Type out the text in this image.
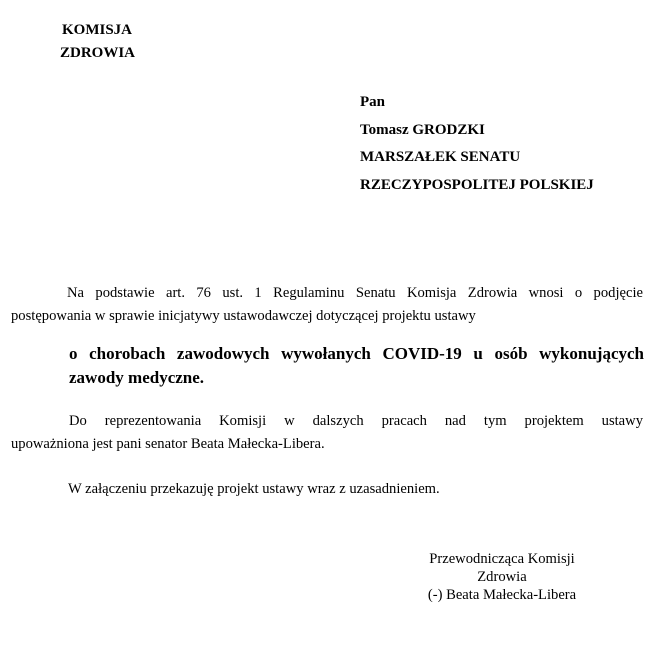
KOMISJA
ZDROWIA
Pan
Tomasz GRODZKI
MARSZAŁEK SENATU
RZECZYPOSPOLITEJ POLSKIEJ
Na podstawie art. 76 ust. 1 Regulaminu Senatu Komisja Zdrowia wnosi o podjęcie
postępowania w sprawie inicjatywy ustawodawczej dotyczącej projektu ustawy
o chorobach zawodowych wywołanych COVID-19 u osób wykonujących
zawody medyczne.
Do reprezentowania Komisji w dalszych pracach nad tym projektem ustawy
upoważniona jest pani senator Beata Małecka-Libera.
W załączeniu przekazuję projekt ustawy wraz z uzasadnieniem.
Przewodnicząca Komisji
Zdrowia
(-) Beata Małecka-Libera
